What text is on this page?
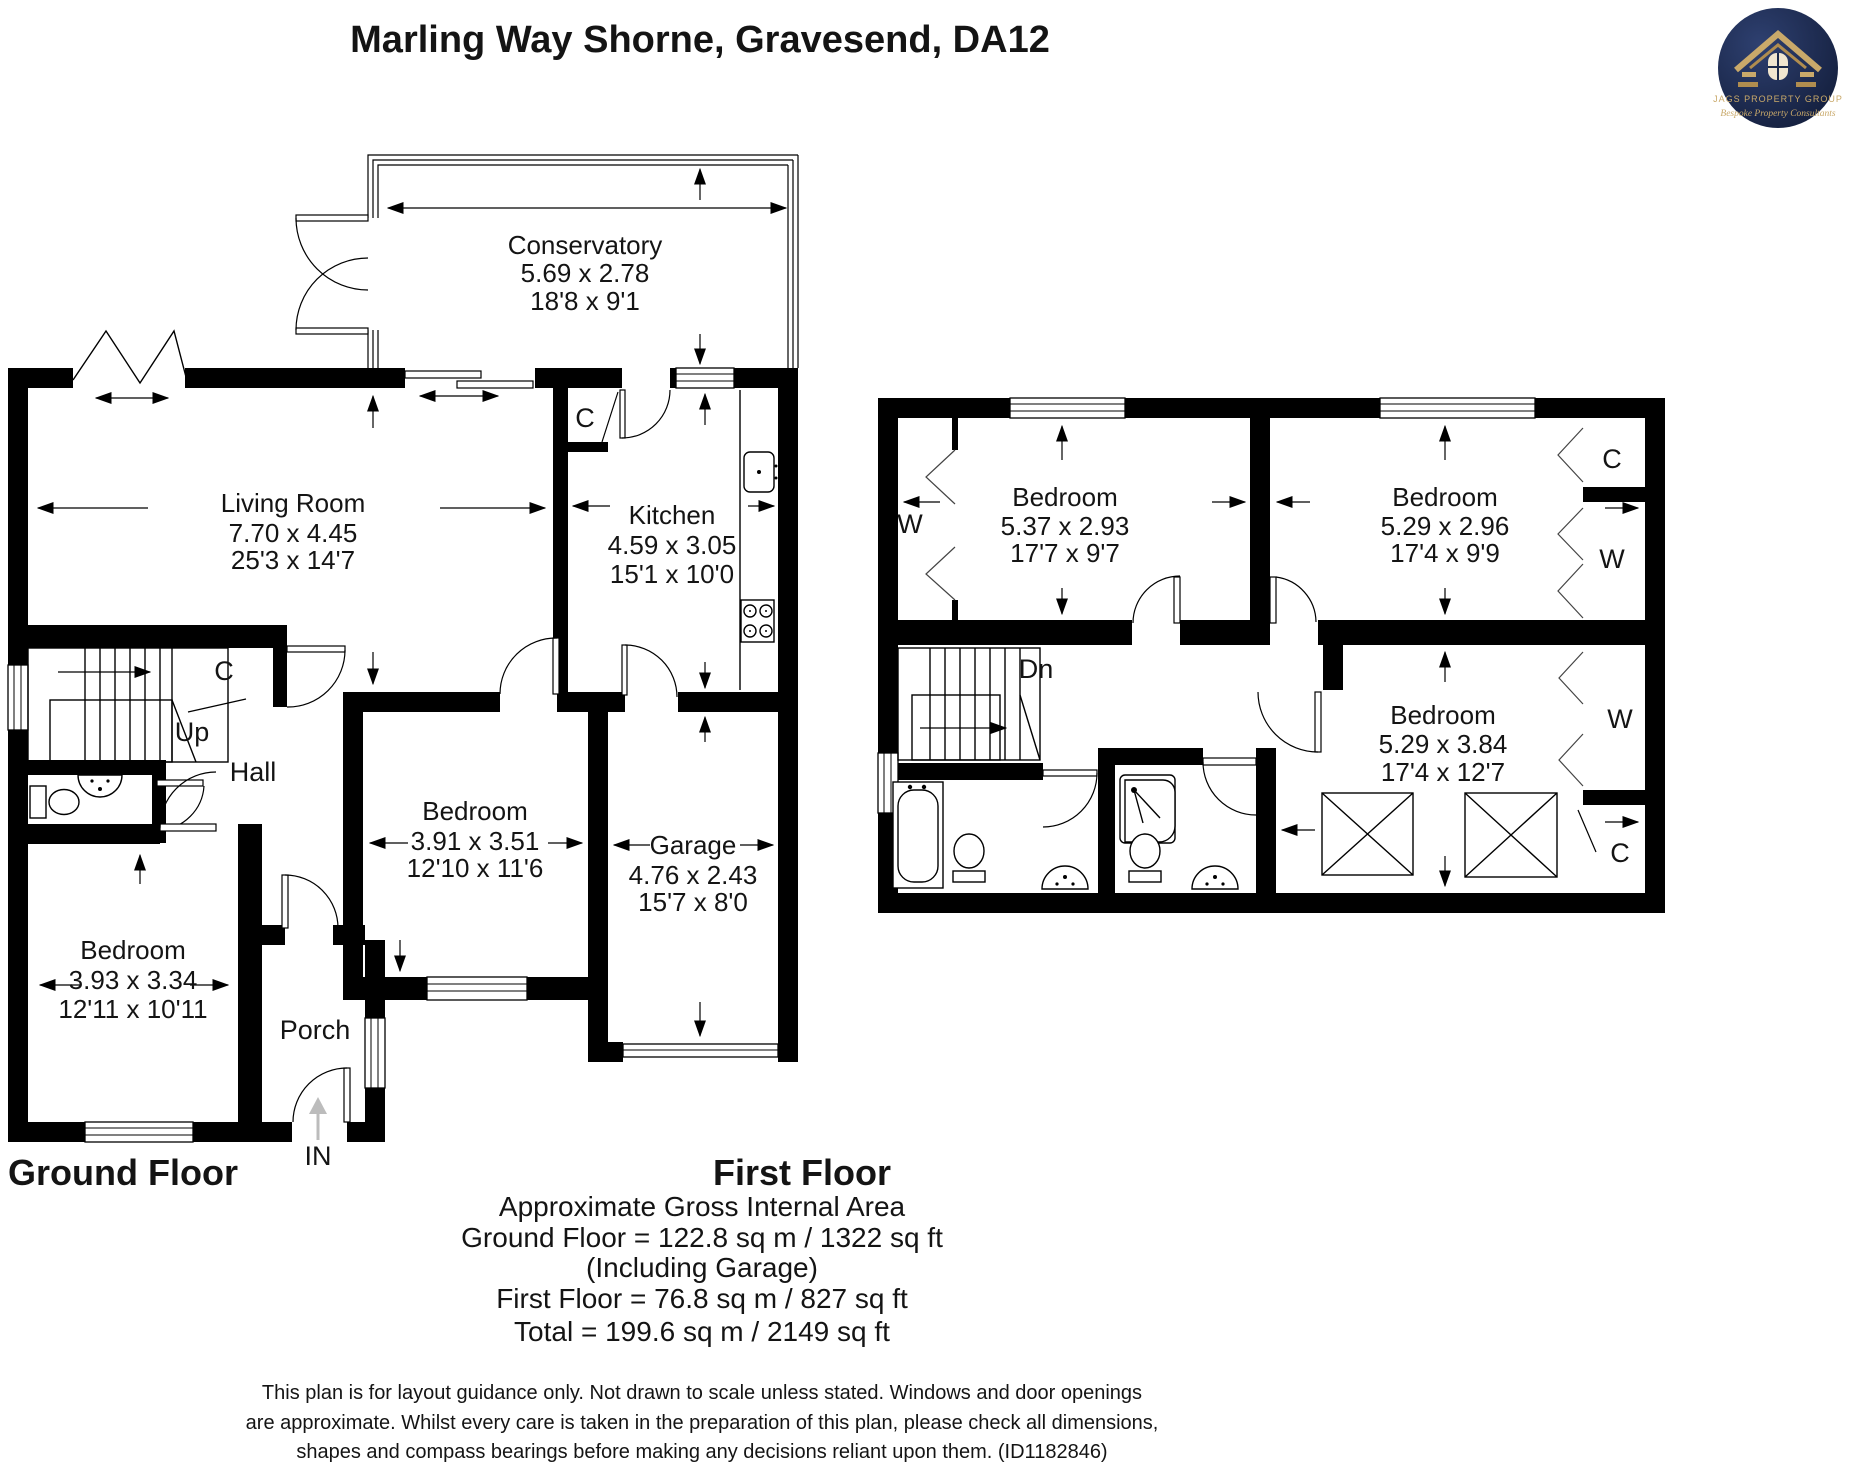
Marling Way Shorne, Gravesend, DA12
JAGS PROPERTY GROUP
Bespoke Property Consultants
Conservatory
5.69 x 2.78
18'8 x 9'1
Living Room
7.70 x 4.45
25'3 x 14'7
Kitchen
4.59 x 3.05
15'1 x 10'0
Bedroom
3.91 x 3.51
12'10 x 11'6
Garage
4.76 x 2.43
15'7 x 8'0
Bedroom
3.93 x 3.34
12'11 x 10'11
Hall
Porch
Up
C
C
IN
Bedroom
5.37 x 2.93
17'7 x 9'7
Bedroom
5.29 x 2.96
17'4 x 9'9
Bedroom
5.29 x 3.84
17'4 x 12'7
Dn
W
C
W
W
C
Ground Floor	First Floor
Approximate Gross Internal Area
Ground Floor = 122.8 sq m / 1322 sq ft
(Including Garage)
First Floor = 76.8 sq m / 827 sq ft
Total = 199.6 sq m / 2149 sq ft
This plan is for layout guidance only. Not drawn to scale unless stated. Windows and door openings
are approximate. Whilst every care is taken in the preparation of this plan, please check all dimensions,
shapes and compass bearings before making any decisions reliant upon them. (ID1182846)
